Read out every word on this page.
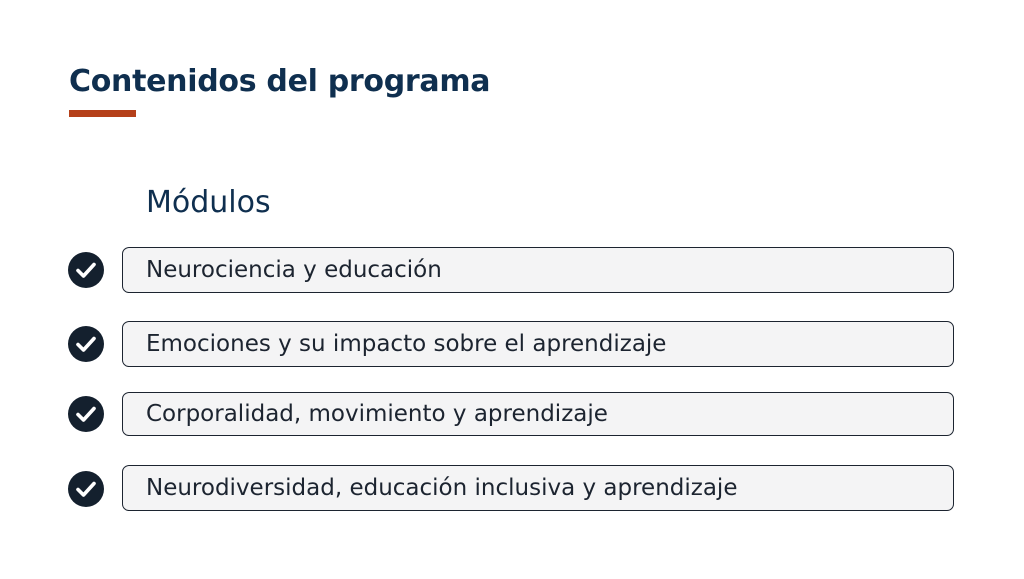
Contenidos del programa
Módulos
Neurociencia y educación
Emociones y su impacto sobre el aprendizaje
Corporalidad, movimiento y aprendizaje
Neurodiversidad, educación inclusiva y aprendizaje
